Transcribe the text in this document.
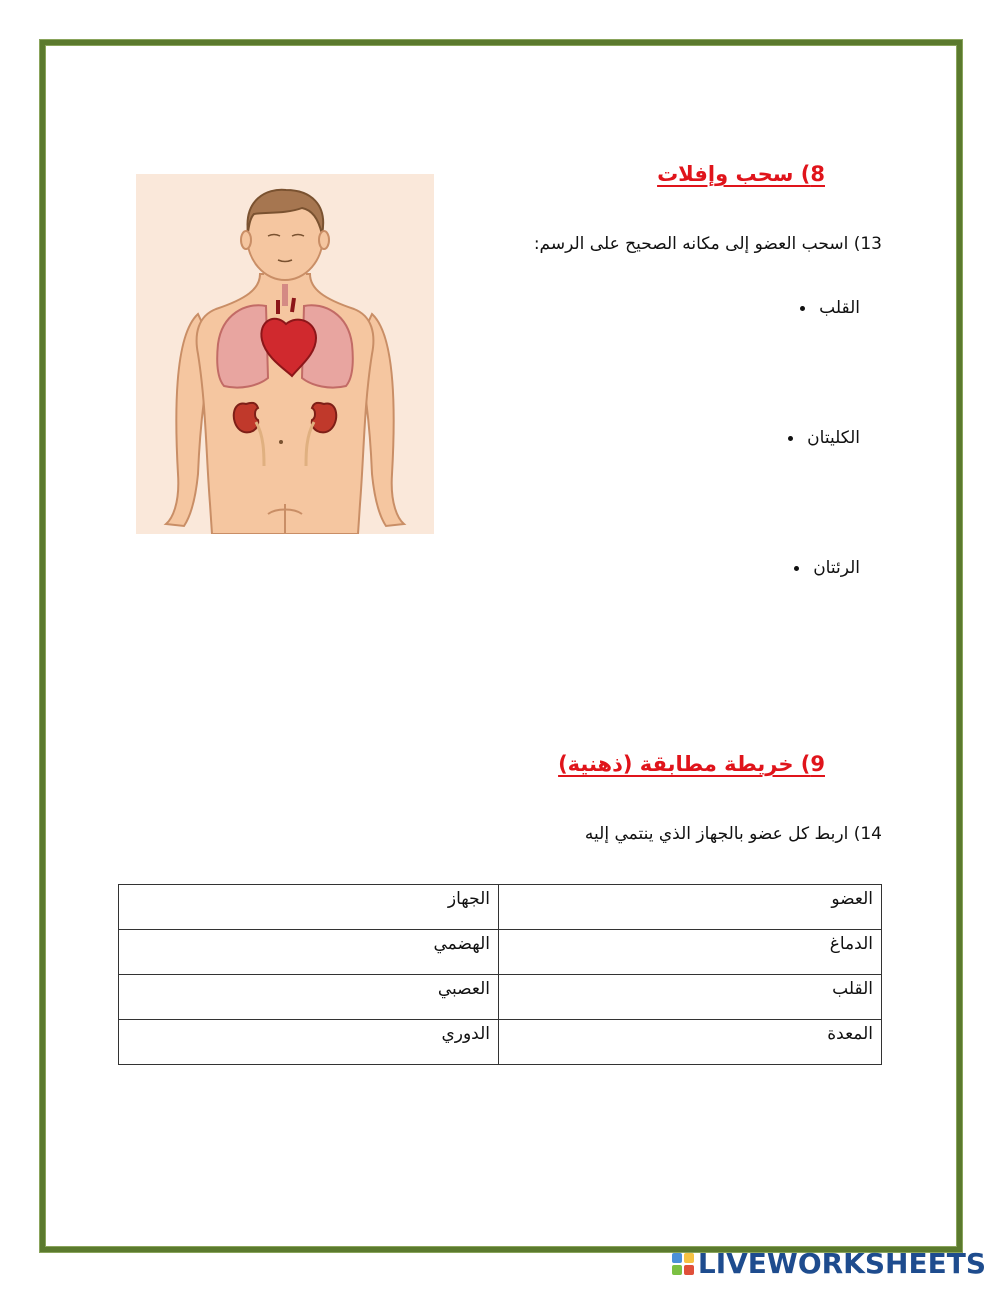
8) سحب وإفلات
13) اسحب العضو إلى مكانه الصحيح على الرسم:
القلب
الكليتان
الرئتان
9) خريطة مطابقة (ذهنية)
14) اربط كل عضو بالجهاز الذي ينتمي إليه
العضو	الجهاز
الدماغ	الهضمي
القلب	العصبي
المعدة	الدوري
LIVEWORKSHEETS
